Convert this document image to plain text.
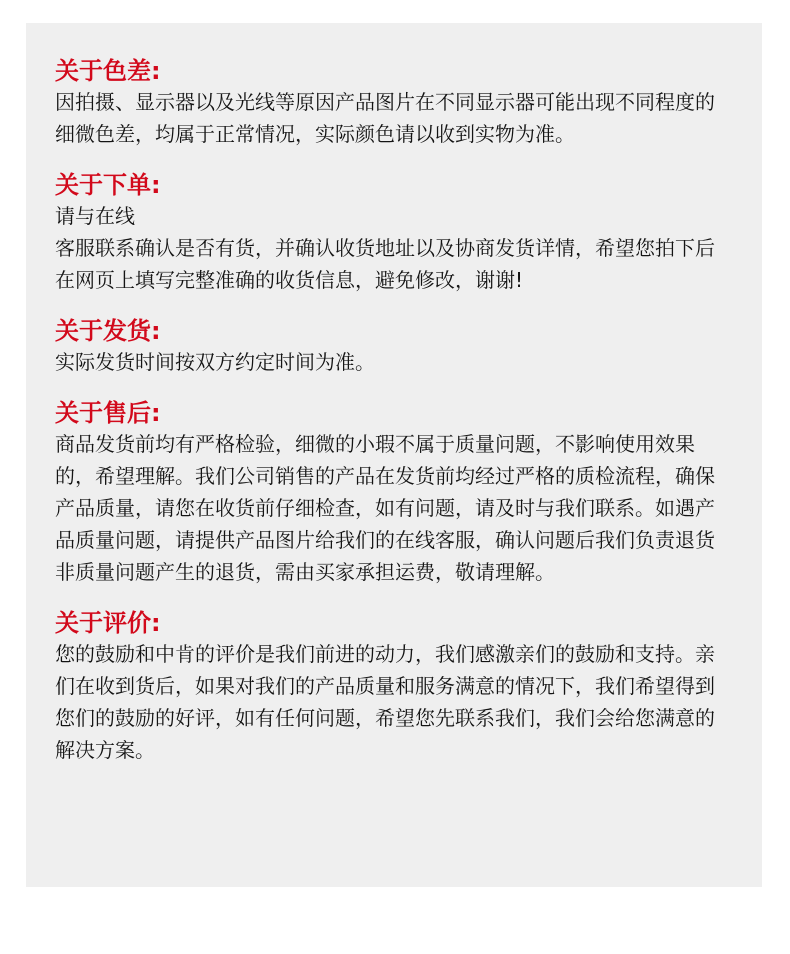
关于色差:

因拍摄、显示器以及光线等原因产品图片在不同显示器可能出现不同程度的细微色差，均属于正常情况，实际颜色请以收到实物为准。

关于下单:

请与在线

客服联系确认是否有货，并确认收货地址以及协商发货详情，希望您拍下后在网页上填写完整准确的收货信息，避免修改，谢谢!

关于发货:

实际发货时间按双方约定时间为准。

关于售后:

商品发货前均有严格检验，细微的小瑕不属于质量问题，不影响使用效果的，希望理解。我们公司销售的产品在发货前均经过严格的质检流程，确保产品质量，请您在收货前仔细检查，如有问题，请及时与我们联系。如遇产品质量问题，请提供产品图片给我们的在线客服，确认问题后我们负责退货非质量问题产生的退货，需由买家承担运费，敬请理解。

关于评价:

您的鼓励和中肯的评价是我们前进的动力，我们感激亲们的鼓励和支持。亲们在收到货后，如果对我们的产品质量和服务满意的情况下，我们希望得到您们的鼓励的好评，如有任何问题，希望您先联系我们，我们会给您满意的解决方案。
